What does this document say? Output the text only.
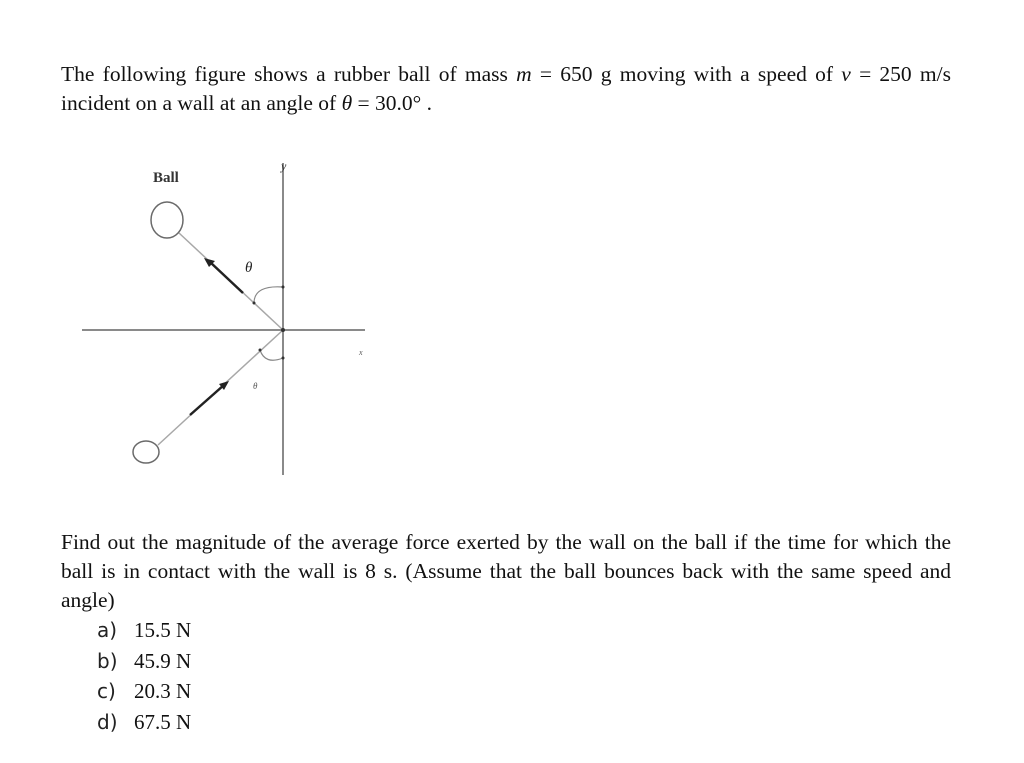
The following figure shows a rubber ball of mass m = 650 g moving with a speed of v = 250 m/s incident on a wall at an angle of θ = 30.0° .
y
x
Ball
θ
θ
Find out the magnitude of the average force exerted by the wall on the ball if the time for which the ball is in contact with the wall is 8 s. (Assume that the ball bounces back with the same speed and angle)
a) 15.5 N
b) 45.9 N
c) 20.3 N
d) 67.5 N
